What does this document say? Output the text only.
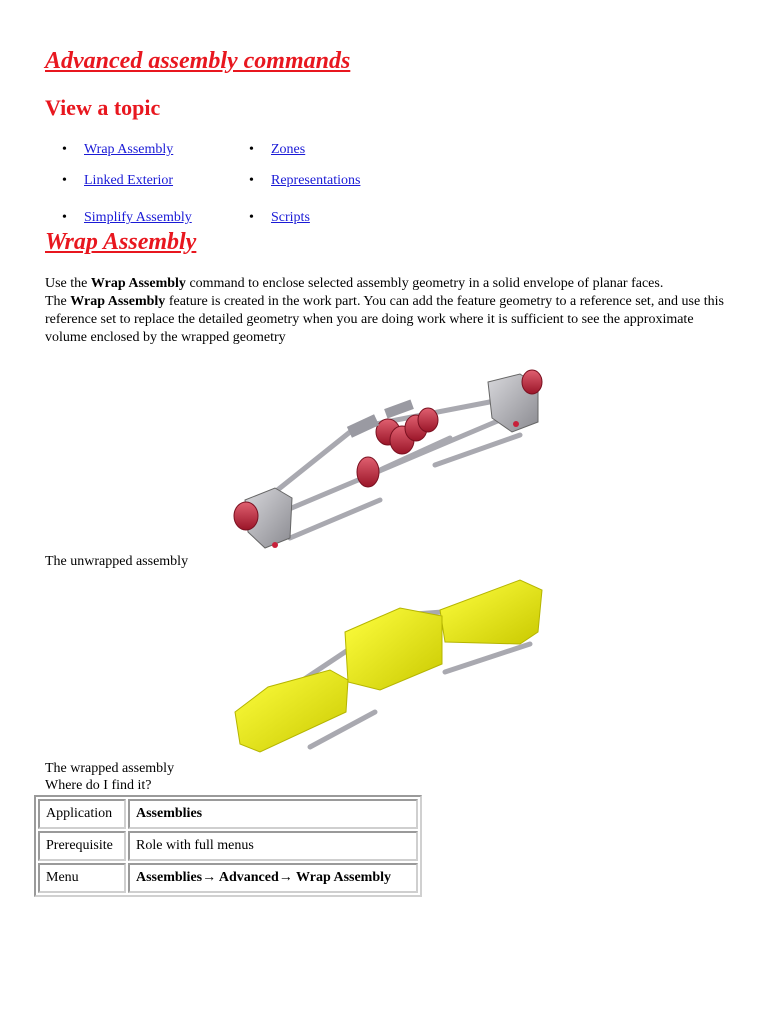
Advanced assembly commands
View a topic
• Wrap Assembly
• Linked Exterior
• Simplify Assembly
• Zones
• Representations
• Scripts
Wrap Assembly

Use the Wrap Assembly command to enclose selected assembly geometry in a solid envelope of planar faces.
The Wrap Assembly feature is created in the work part. You can add the feature geometry to a reference set, and use this reference set to replace the detailed geometry when you are doing work where it is sufficient to see the approximate volume enclosed by the wrapped geometry

The unwrapped assembly
The wrapped assembly
Where do I find it?
Application	Assemblies
Prerequisite	Role with full menus
Menu	Assemblies→ Advanced→ Wrap Assembly
